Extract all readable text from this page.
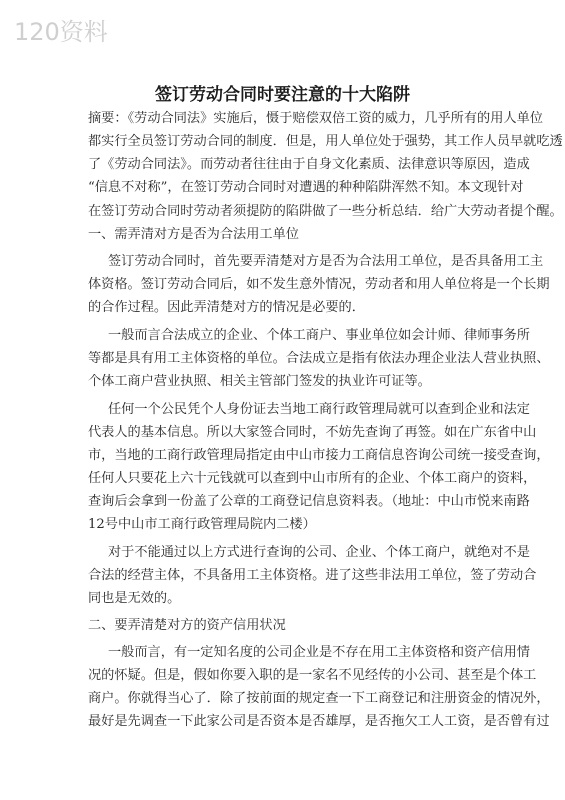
120资料
签订劳动合同时要注意的十大陷阱
摘要：《劳动合同法》实施后，慑于赔偿双倍工资的威力，几乎所有的用人单位
都实行全员签订劳动合同的制度．但是，用人单位处于强势，其工作人员早就吃透
了《劳动合同法》。而劳动者往往由于自身文化素质、法律意识等原因，造成
“信息不对称”，在签订劳动合同时对遭遇的种种陷阱浑然不知。本文现针对
在签订劳动合同时劳动者须提防的陷阱做了一些分析总结．给广大劳动者提个醒。
一、需弄清对方是否为合法用工单位
签订劳动合同时，首先要弄清楚对方是否为合法用工单位，是否具备用工主
体资格。签订劳动合同后，如不发生意外情况，劳动者和用人单位将是一个长期
的合作过程。因此弄清楚对方的情况是必要的．
一般而言合法成立的企业、个体工商户、事业单位如会计师、律师事务所
等都是具有用工主体资格的单位。合法成立是指有依法办理企业法人营业执照、
个体工商户营业执照、相关主管部门签发的执业许可证等。
任何一个公民凭个人身份证去当地工商行政管理局就可以查到企业和法定
代表人的基本信息。所以大家签合同时，不妨先查询了再签。如在广东省中山
市，当地的工商行政管理局指定由中山市接力工商信息咨询公司统一接受查询，
任何人只要花上六十元钱就可以查到中山市所有的企业、个体工商户的资料，
查询后会拿到一份盖了公章的工商登记信息资料表。（地址：中山市悦来南路
12号中山市工商行政管理局院内二楼）
对于不能通过以上方式进行查询的公司、企业、个体工商户，就绝对不是
合法的经营主体，不具备用工主体资格。进了这些非法用工单位，签了劳动合
同也是无效的。
二、要弄清楚对方的资产信用状况
一般而言，有一定知名度的公司企业是不存在用工主体资格和资产信用情
况的怀疑。但是，假如你要入职的是一家名不见经传的小公司、甚至是个体工
商户。你就得当心了．除了按前面的规定查一下工商登记和注册资金的情况外，
最好是先调查一下此家公司是否资本是否雄厚，是否拖欠工人工资，是否曾有过
